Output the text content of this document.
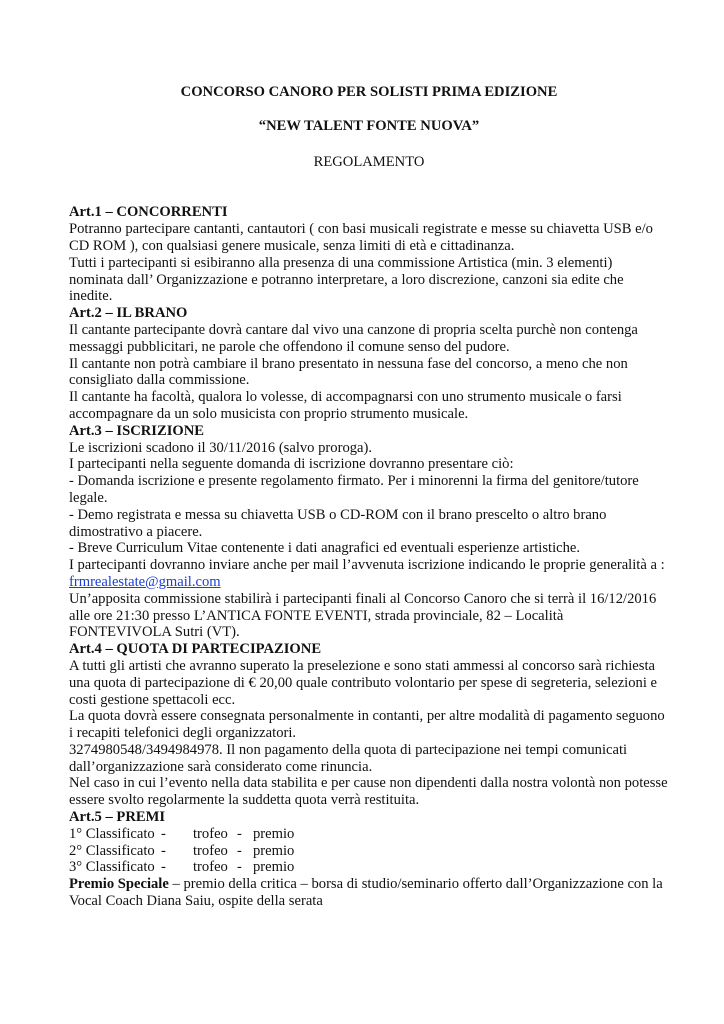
CONCORSO CANORO PER SOLISTI PRIMA EDIZIONE

“NEW TALENT FONTE NUOVA”

REGOLAMENTO

Art.1 – CONCORRENTI

Potranno partecipare cantanti, cantautori ( con basi musicali registrate e messe su chiavetta USB e/o CD ROM ), con qualsiasi genere musicale, senza limiti di età e cittadinanza.

Tutti i partecipanti si esibiranno alla presenza di una commissione Artistica (min. 3 elementi) nominata dall’ Organizzazione e potranno interpretare, a loro discrezione, canzoni sia edite che inedite.

Art.2 – IL BRANO

Il cantante partecipante dovrà cantare dal vivo una canzone di propria scelta purchè non contenga messaggi pubblicitari, ne parole che offendono il comune senso del pudore.

Il cantante non potrà cambiare il brano presentato in nessuna fase del concorso, a meno che non consigliato dalla commissione.

Il cantante ha facoltà, qualora lo volesse, di accompagnarsi con uno strumento musicale o farsi accompagnare da un solo musicista con proprio strumento musicale.

Art.3 – ISCRIZIONE

Le iscrizioni scadono il 30/11/2016 (salvo proroga).

I partecipanti nella seguente domanda di iscrizione dovranno presentare ciò:

- Domanda iscrizione e presente regolamento firmato. Per i minorenni la firma del genitore/tutore legale.

- Demo registrata e messa su chiavetta USB o CD-ROM con il brano prescelto o altro brano dimostrativo a piacere.

- Breve Curriculum Vitae contenente i dati anagrafici ed eventuali esperienze artistiche.

I partecipanti dovranno inviare anche per mail l’avvenuta iscrizione indicando le proprie generalità a : frmrealestate@gmail.com

Un’apposita commissione stabilirà i partecipanti finali al Concorso Canoro che si terrà il 16/12/2016 alle ore 21:30 presso L’ANTICA FONTE EVENTI, strada provinciale, 82 – Località FONTEVIVOLA Sutri (VT).

Art.4 – QUOTA DI PARTECIPAZIONE

A tutti gli artisti che avranno superato la preselezione e sono stati ammessi al concorso sarà richiesta una quota di partecipazione di € 20,00 quale contributo volontario per spese di segreteria, selezioni e costi gestione spettacoli ecc.

La quota dovrà essere consegnata personalmente in contanti, per altre modalità di pagamento seguono i recapiti telefonici degli organizzatori.

3274980548/3494984978. Il non pagamento della quota di partecipazione nei tempi comunicati dall’organizzazione sarà considerato come rinuncia.

Nel caso in cui l’evento nella data stabilita e per cause non dipendenti dalla nostra volontà non potesse essere svolto regolarmente la suddetta quota verrà restituita.

Art.5 – PREMI

1° Classificato - trofeo - premio

2° Classificato - trofeo - premio

3° Classificato - trofeo - premio

Premio Speciale – premio della critica – borsa di studio/seminario offerto dall’Organizzazione con la Vocal Coach Diana Saiu, ospite della serata
